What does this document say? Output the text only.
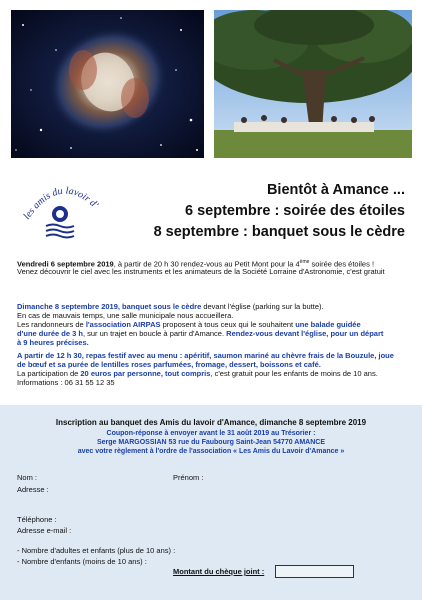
les amis du lavoir d'
Bientôt à Amance ...
6 septembre : soirée des étoiles
8 septembre : banquet sous le cèdre
Vendredi 6 septembre 2019, à partir de 20 h 30 rendez-vous au Petit Mont pour la 4ème soirée des étoiles !
Venez découvrir le ciel avec les instruments et les animateurs de la Société Lorraine d'Astronomie, c'est gratuit
Dimanche 8 septembre 2019, banquet sous le cèdre devant l'église (parking sur la butte).
En cas de mauvais temps, une salle municipale nous accueillera.
Les randonneurs de l'association AIRPAS proposent à tous ceux qui le souhaitent une balade guidée
d'une durée de 3 h, sur un trajet en boucle à partir d'Amance. Rendez-vous devant l'église, pour un départ
à 9 heures précises.
A partir de 12 h 30, repas festif avec au menu : apéritif, saumon mariné au chèvre frais de la Bouzule, joue
de bœuf et sa purée de lentilles roses parfumées, fromage, dessert, boissons et café.
La participation de 20 euros par personne, tout compris, c'est gratuit pour les enfants de moins de 10 ans.
Informations : 06 31 55 12 35
Inscription au banquet des Amis du lavoir d'Amance, dimanche 8 septembre 2019
Coupon-réponse à envoyer avant le 31 août 2019 au Trésorier :
Serge MARGOSSIAN 53 rue du Faubourg Saint-Jean 54770 AMANCE
avec votre règlement à l'ordre de l'association « Les Amis du Lavoir d'Amance »
Nom :	Prénom :
Adresse :
Téléphone :
Adresse e-mail :
- Nombre d'adultes et enfants (plus de 10 ans) :
- Nombre d'enfants (moins de 10 ans) :
Montant du chèque joint :
